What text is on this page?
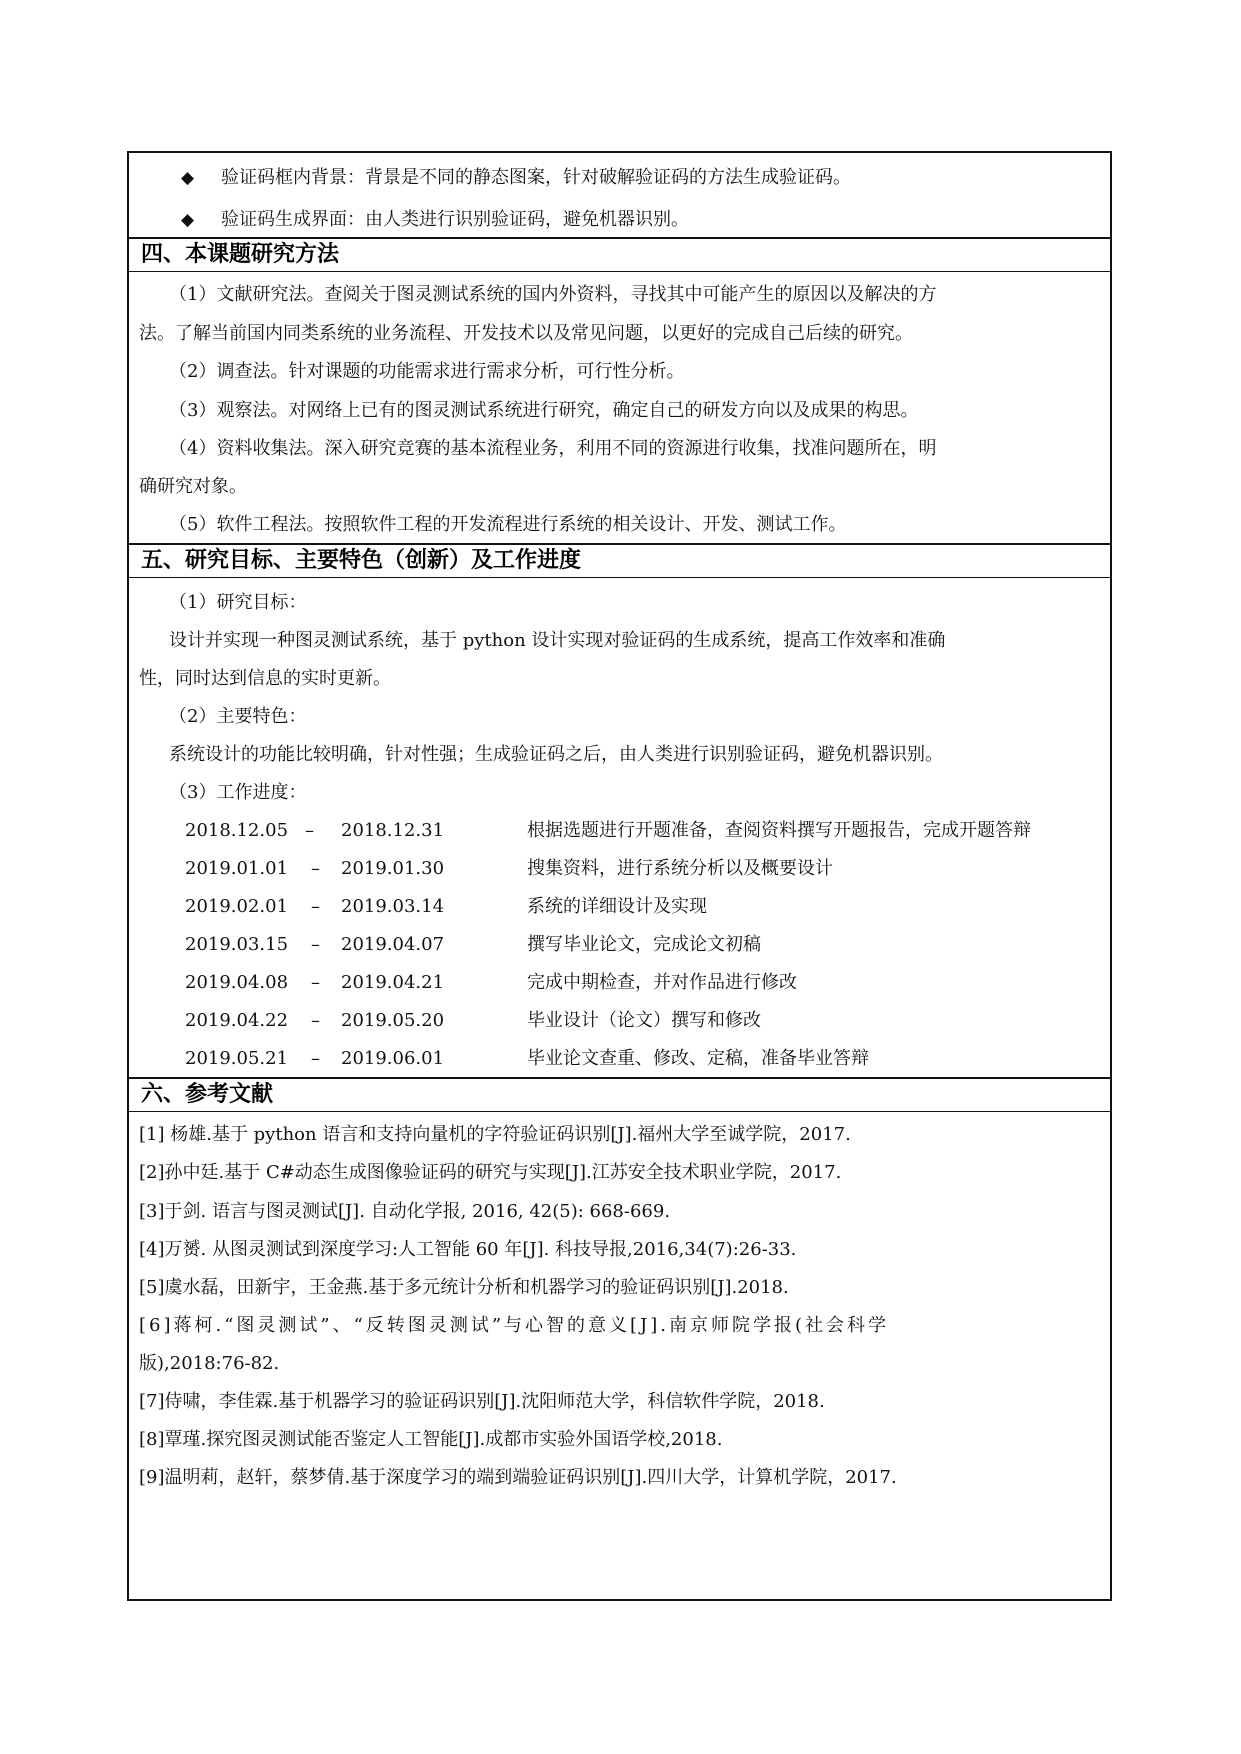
◆ 验证码框内背景：背景是不同的静态图案，针对破解验证码的方法生成验证码。
◆ 验证码生成界面：由人类进行识别验证码，避免机器识别。
四、本课题研究方法
（1）文献研究法。查阅关于图灵测试系统的国内外资料，寻找其中可能产生的原因以及解决的方
法。了解当前国内同类系统的业务流程、开发技术以及常见问题，以更好的完成自己后续的研究。
（2）调查法。针对课题的功能需求进行需求分析，可行性分析。
（3）观察法。对网络上已有的图灵测试系统进行研究，确定自己的研发方向以及成果的构思。
（4）资料收集法。深入研究竞赛的基本流程业务，利用不同的资源进行收集，找准问题所在，明
确研究对象。
（5）软件工程法。按照软件工程的开发流程进行系统的相关设计、开发、测试工作。
五、研究目标、主要特色（创新）及工作进度
（1）研究目标：
设计并实现一种图灵测试系统，基于 python 设计实现对验证码的生成系统，提高工作效率和准确
性，同时达到信息的实时更新。
（2）主要特色：
系统设计的功能比较明确，针对性强；生成验证码之后，由人类进行识别验证码，避免机器识别。
（3）工作进度：
2018.12.05 – 2018.12.31	根据选题进行开题准备，查阅资料撰写开题报告，完成开题答辩
2019.01.01 – 2019.01.30	搜集资料，进行系统分析以及概要设计
2019.02.01 – 2019.03.14	系统的详细设计及实现
2019.03.15 – 2019.04.07	撰写毕业论文，完成论文初稿
2019.04.08 – 2019.04.21	完成中期检查，并对作品进行修改
2019.04.22 – 2019.05.20	毕业设计（论文）撰写和修改
2019.05.21 – 2019.06.01	毕业论文查重、修改、定稿，准备毕业答辩
六、参考文献
[1] 杨雄.基于 python 语言和支持向量机的字符验证码识别[J].福州大学至诚学院，2017.
[2]孙中廷.基于 C#动态生成图像验证码的研究与实现[J].江苏安全技术职业学院，2017.
[3]于剑. 语言与图灵测试[J]. 自动化学报, 2016, 42(5): 668-669.
[4]万赟. 从图灵测试到深度学习:人工智能 60 年[J]. 科技导报,2016,34(7):26-33.
[5]虞水磊，田新宇，王金燕.基于多元统计分析和机器学习的验证码识别[J].2018.
[6]蒋柯.“图灵测试”、“反转图灵测试”与心智的意义[J].南京师院学报(社会科学
版),2018:76-82.
[7]侍啸，李佳霖.基于机器学习的验证码识别[J].沈阳师范大学，科信软件学院，2018.
[8]覃瑾.探究图灵测试能否鉴定人工智能[J].成都市实验外国语学校,2018.
[9]温明莉，赵轩，蔡梦倩.基于深度学习的端到端验证码识别[J].四川大学，计算机学院，2017.
